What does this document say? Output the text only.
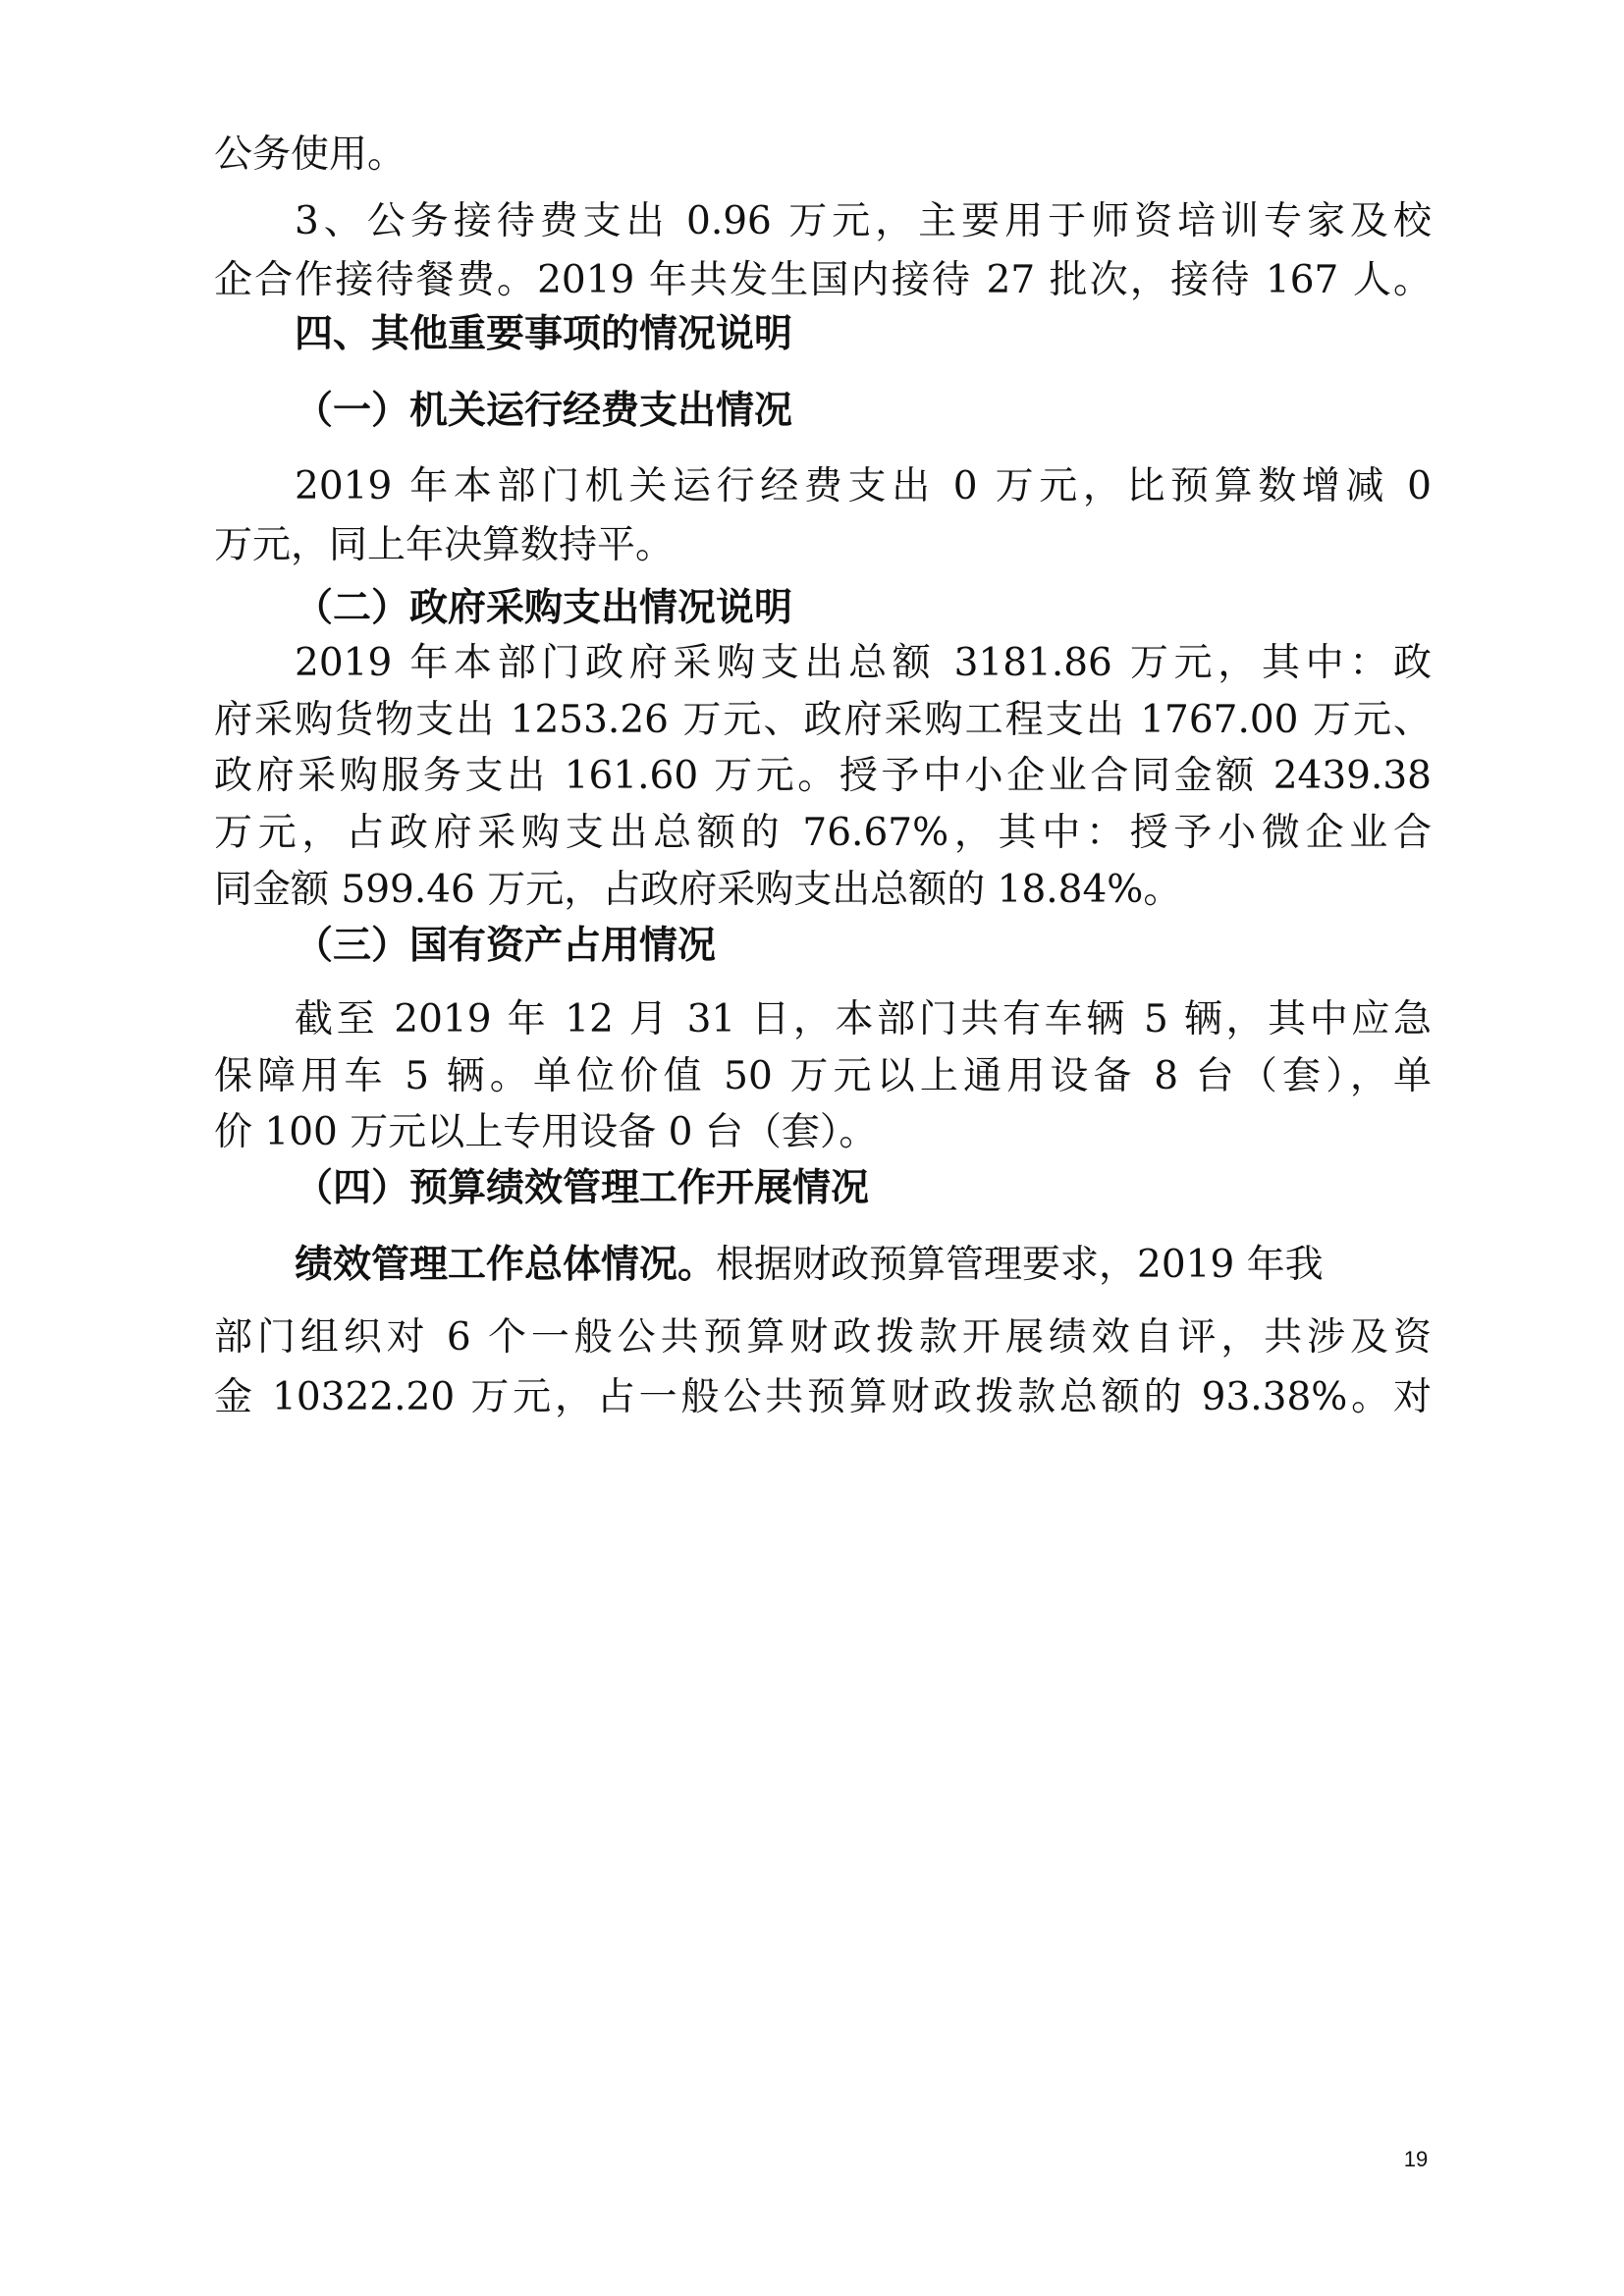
公务使用。
3、公务接待费支出 0.96 万元，主要用于师资培训专家及校
企合作接待餐费。2019 年共发生国内接待 27 批次，接待 167 人。
四、其他重要事项的情况说明
（一）机关运行经费支出情况
2019 年本部门机关运行经费支出 0 万元，比预算数增减 0
万元，同上年决算数持平。
（二）政府采购支出情况说明
2019 年本部门政府采购支出总额 3181.86 万元，其中：政
府采购货物支出 1253.26 万元、政府采购工程支出 1767.00 万元、
政府采购服务支出 161.60 万元。授予中小企业合同金额 2439.38
万元，占政府采购支出总额的 76.67%，其中：授予小微企业合
同金额 599.46 万元，占政府采购支出总额的 18.84%。
（三）国有资产占用情况
截至 2019 年 12 月 31 日，本部门共有车辆 5 辆，其中应急
保障用车 5 辆。单位价值 50 万元以上通用设备 8 台（套），单
价 100 万元以上专用设备 0 台（套）。
（四）预算绩效管理工作开展情况
绩效管理工作总体情况。根据财政预算管理要求，2019 年我
部门组织对 6 个一般公共预算财政拨款开展绩效自评，共涉及资
金 10322.20 万元，占一般公共预算财政拨款总额的 93.38%。对
19
